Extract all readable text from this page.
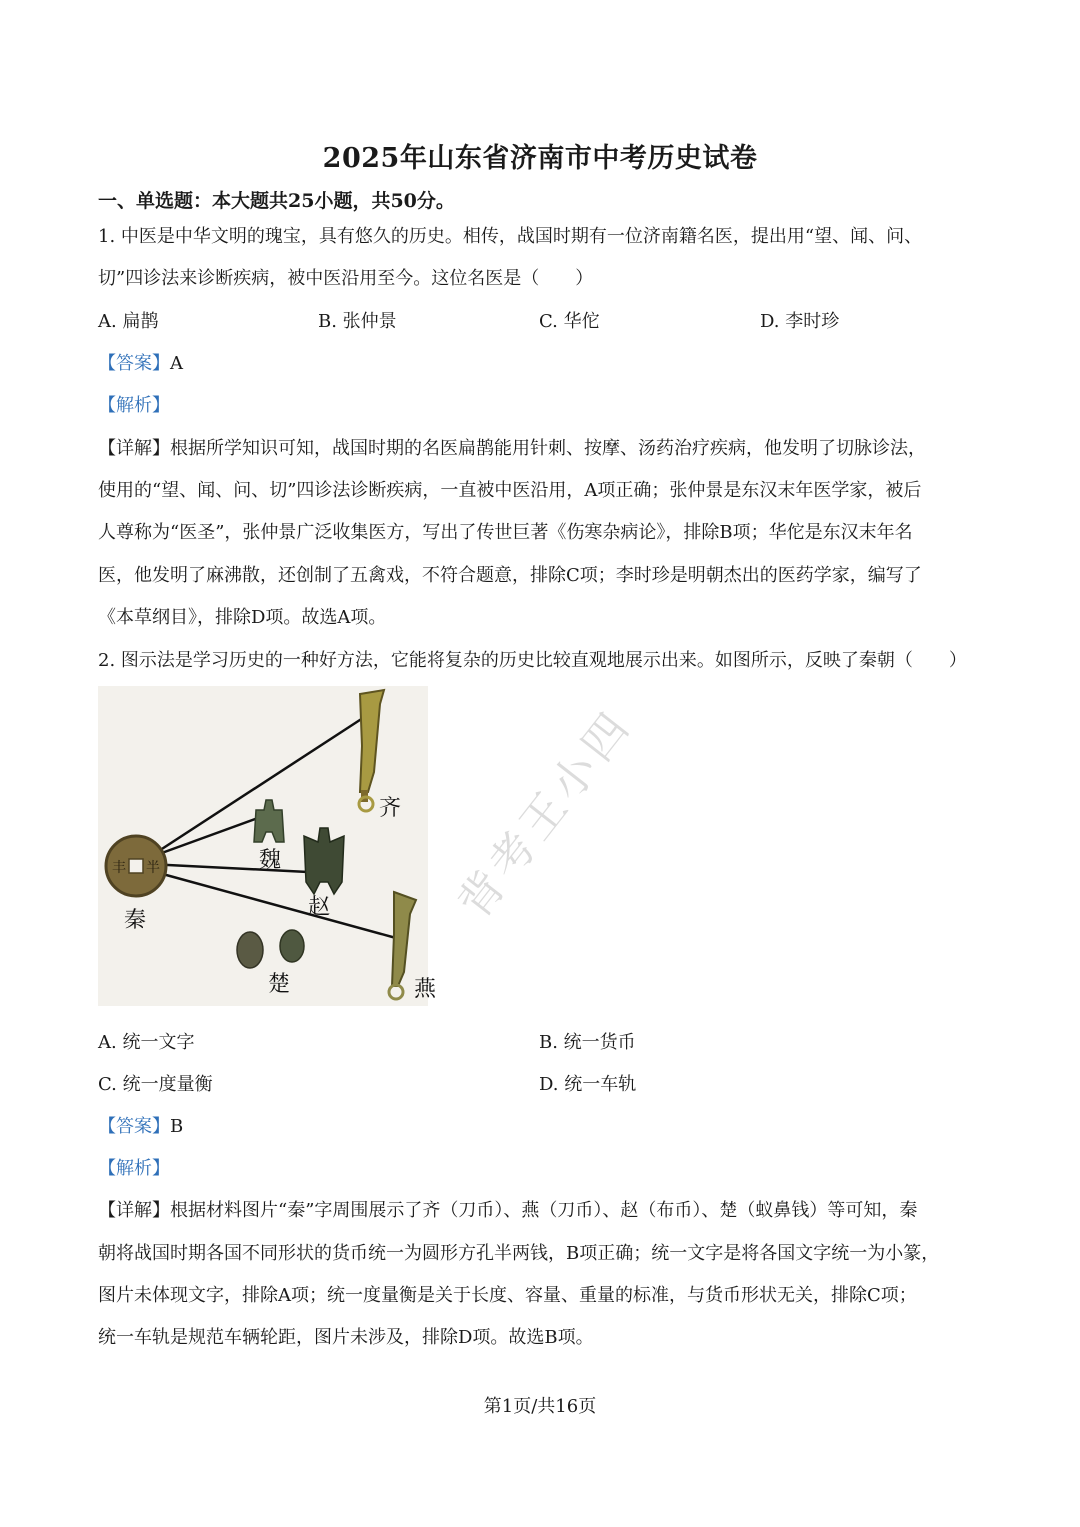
2025年山东省济南市中考历史试卷
一、单选题：本大题共25小题，共50分。
1. 中医是中华文明的瑰宝，具有悠久的历史。相传，战国时期有一位济南籍名医，提出用“望、闻、问、
切”四诊法来诊断疾病，被中医沿用至今。这位名医是（　　）
A. 扁鹊	B. 张仲景	C. 华佗	D. 李时珍
【答案】A
【解析】
【详解】根据所学知识可知，战国时期的名医扁鹊能用针刺、按摩、汤药治疗疾病，他发明了切脉诊法，
使用的“望、闻、问、切”四诊法诊断疾病，一直被中医沿用，A项正确；张仲景是东汉末年医学家，被后
人尊称为“医圣”，张仲景广泛收集医方，写出了传世巨著《伤寒杂病论》，排除B项；华佗是东汉末年名
医，他发明了麻沸散，还创制了五禽戏，不符合题意，排除C项；李时珍是明朝杰出的医药学家，编写了
《本草纲目》，排除D项。故选A项。
2. 图示法是学习历史的一种好方法，它能将复杂的历史比较直观地展示出来。如图所示，反映了秦朝（　　）
丰 半
秦
齐
魏
赵
楚	燕
背考王小四
A. 统一文字	B. 统一货币
C. 统一度量衡	D. 统一车轨
【答案】B
【解析】
【详解】根据材料图片“秦”字周围展示了齐（刀币）、燕（刀币）、赵（布币）、楚（蚁鼻钱）等可知，秦
朝将战国时期各国不同形状的货币统一为圆形方孔半两钱，B项正确；统一文字是将各国文字统一为小篆，
图片未体现文字，排除A项；统一度量衡是关于长度、容量、重量的标准，与货币形状无关，排除C项；
统一车轨是规范车辆轮距，图片未涉及，排除D项。故选B项。
第1页/共16页
